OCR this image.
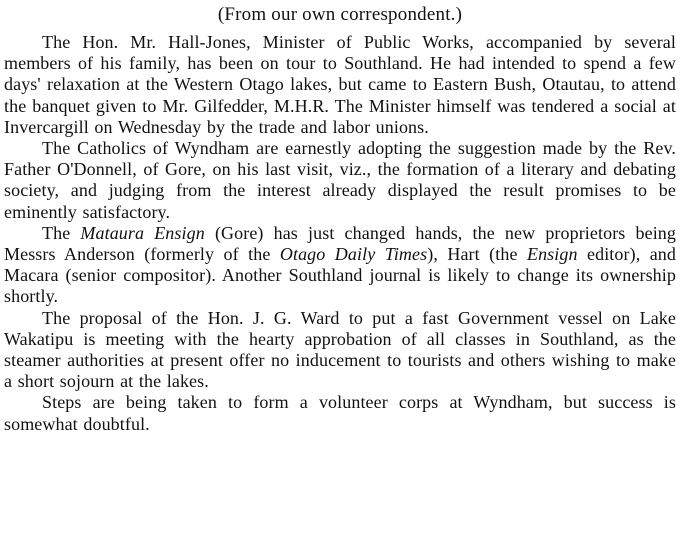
(From our own correspondent.)

The Hon. Mr. Hall-Jones, Minister of Public Works, accompanied by several members of his family, has been on tour to Southland. He had intended to spend a few days' relaxation at the Western Otago lakes, but came to Eastern Bush, Otautau, to attend the banquet given to Mr. Gilfedder, M.H.R. The Minister himself was tendered a social at Invercargill on Wednesday by the trade and labor unions.

The Catholics of Wyndham are earnestly adopting the suggestion made by the Rev. Father O'Donnell, of Gore, on his last visit, viz., the formation of a literary and debating society, and judging from the interest already displayed the result promises to be eminently satisfactory.

The Mataura Ensign (Gore) has just changed hands, the new proprietors being Messrs Anderson (formerly of the Otago Daily Times), Hart (the Ensign editor), and Macara (senior compositor). Another Southland journal is likely to change its ownership shortly.

The proposal of the Hon. J. G. Ward to put a fast Government vessel on Lake Wakatipu is meeting with the hearty approbation of all classes in Southland, as the steamer authorities at present offer no inducement to tourists and others wishing to make a short sojourn at the lakes.

Steps are being taken to form a volunteer corps at Wyndham, but success is somewhat doubtful.
